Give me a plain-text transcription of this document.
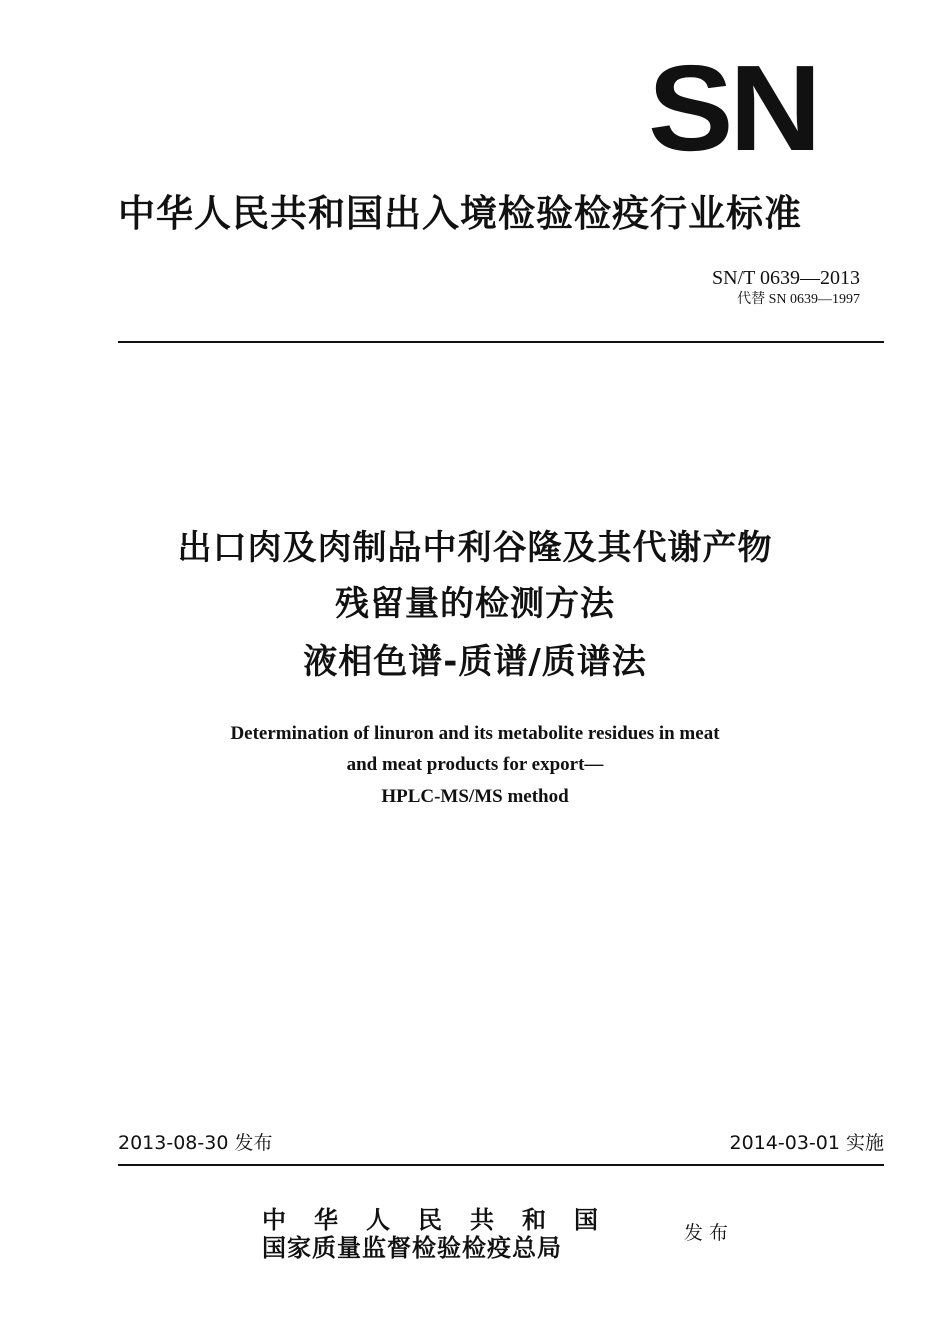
SN
中华人民共和国出入境检验检疫行业标准
SN/T 0639—2013
代替 SN 0639—1997
出口肉及肉制品中利谷隆及其代谢产物
残留量的检测方法
液相色谱-质谱/质谱法
Determination of linuron and its metabolite residues in meat
and meat products for export—
HPLC-MS/MS method
2013-08-30 发布	2014-03-01 实施
中华人民共和国
国家质量监督检验检疫总局	发布
